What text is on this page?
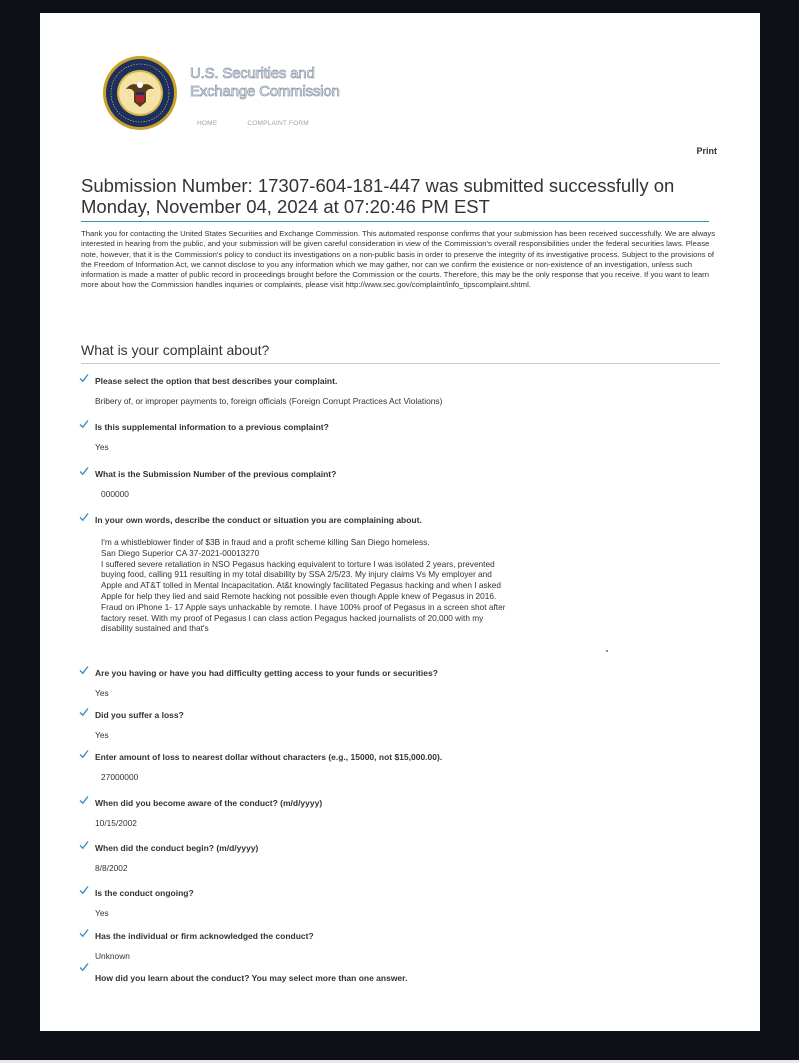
U.S. Securities and
Exchange Commission
HOME	COMPLAINT FORM
Print
Submission Number: 17307-604-181-447 was submitted successfully on Monday, November 04, 2024 at 07:20:46 PM EST

Thank you for contacting the United States Securities and Exchange Commission. This automated response confirms that your submission has been received successfully. We are always interested in hearing from the public, and your submission will be given careful consideration in view of the Commission's overall responsibilities under the federal securities laws. Please note, however, that it is the Commission's policy to conduct its investigations on a non-public basis in order to preserve the integrity of its investigative process. Subject to the provisions of the Freedom of Information Act, we cannot disclose to you any information which we may gather, nor can we confirm the existence or non-existence of an investigation, unless such information is made a matter of public record in proceedings brought before the Commission or the courts. Therefore, this may be the only response that you receive. If you want to learn more about how the Commission handles inquiries or complaints, please visit http://www.sec.gov/complaint/info_tipscomplaint.shtml.

What is your complaint about?
Please select the option that best describes your complaint.
Bribery of, or improper payments to, foreign officials (Foreign Corrupt Practices Act Violations)
Is this supplemental information to a previous complaint?
Yes
What is the Submission Number of the previous complaint?
000000
In your own words, describe the conduct or situation you are complaining about.
I'm a whistleblower finder of $3B in fraud and a profit scheme killing San Diego homeless.
San Diego Superior CA 37-2021-00013270
I suffered severe retaliation in NSO Pegasus hacking equivalent to torture I was isolated 2 years, prevented
buying food, calling 911 resulting in my total disability by SSA 2/5/23. My injury claims Vs My employer and
Apple and AT&T tolled in Mental Incapacitation. At&t knowingly facilitated Pegasus hacking and when I asked
Apple for help they lied and said Remote hacking not possible even though Apple knew of Pegasus in 2016.
Fraud on iPhone 1- 17 Apple says unhackable by remote. I have 100% proof of Pegasus in a screen shot after
factory reset. With my proof of Pegasus I can class action Pegagus hacked journalists of 20,000 with my
disability sustained and that's
Are you having or have you had difficulty getting access to your funds or securities?
Yes
Did you suffer a loss?
Yes
Enter amount of loss to nearest dollar without characters (e.g., 15000, not $15,000.00).
27000000
When did you become aware of the conduct? (m/d/yyyy)
10/15/2002
When did the conduct begin? (m/d/yyyy)
8/8/2002
Is the conduct ongoing?
Yes
Has the individual or firm acknowledged the conduct?
Unknown
How did you learn about the conduct? You may select more than one answer.
